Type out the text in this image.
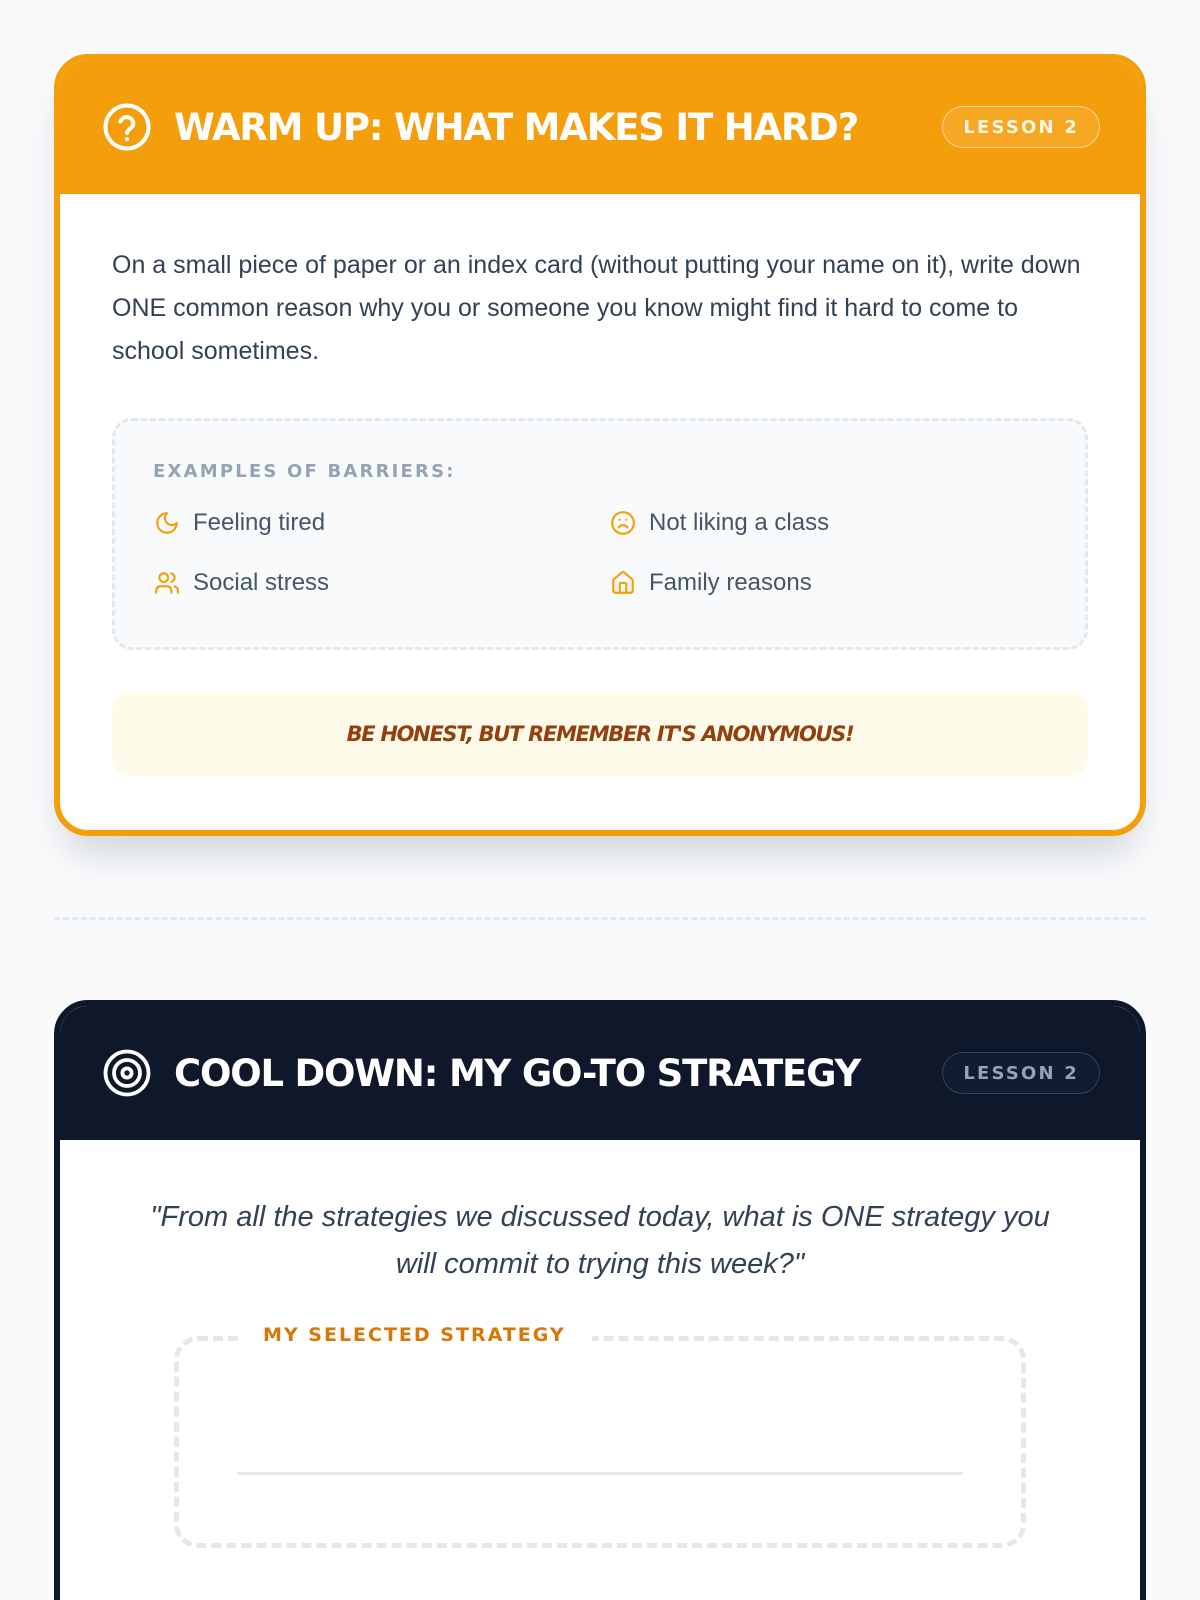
WARM UP: WHAT MAKES IT HARD?	LESSON 2

On a small piece of paper or an index card (without putting your name on it), write down ONE common reason why you or someone you know might find it hard to come to school sometimes.

EXAMPLES OF BARRIERS:
Feeling tired	Not liking a class
Social stress	Family reasons
BE HONEST, BUT REMEMBER IT'S ANONYMOUS!
COOL DOWN: MY GO-TO STRATEGY	LESSON 2

"From all the strategies we discussed today, what is ONE strategy you will commit to trying this week?"

MY SELECTED STRATEGY
